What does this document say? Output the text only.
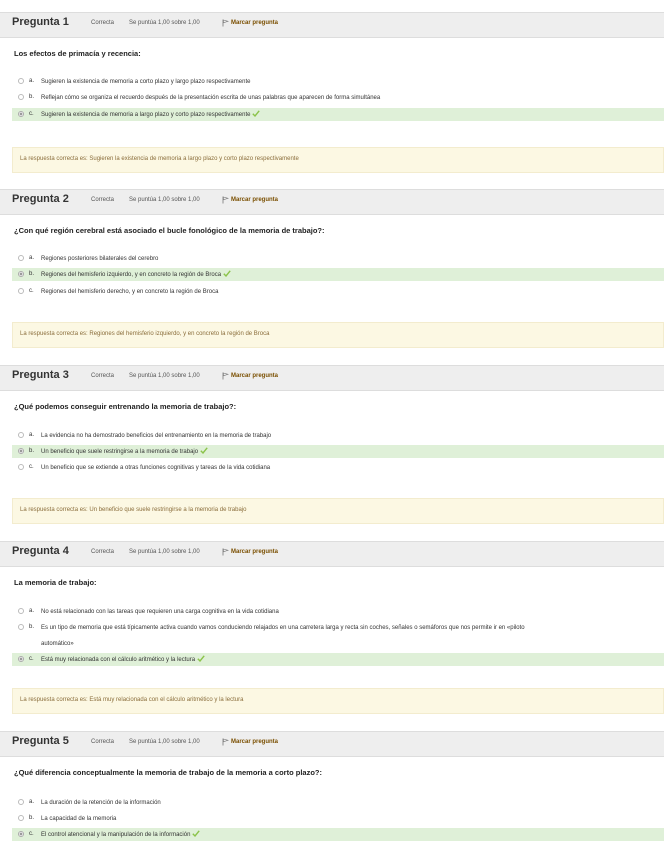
Pregunta 1	Correcta Se puntúa 1,00 sobre 1,00	Marcar pregunta
Los efectos de primacía y recencia:
a.	Sugieren la existencia de memoria a corto plazo y largo plazo respectivamente
b.	Reflejan cómo se organiza el recuerdo después de la presentación escrita de unas palabras que aparecen de forma simultánea
c.	Sugieren la existencia de memoria a largo plazo y corto plazo respectivamente
La respuesta correcta es: Sugieren la existencia de memoria a largo plazo y corto plazo respectivamente
Pregunta 2	Correcta Se puntúa 1,00 sobre 1,00	Marcar pregunta
¿Con qué región cerebral está asociado el bucle fonológico de la memoria de trabajo?:
a.	Regiones posteriores bilaterales del cerebro
b.	Regiones del hemisferio izquierdo, y en concreto la región de Broca
c.	Regiones del hemisferio derecho, y en concreto la región de Broca
La respuesta correcta es: Regiones del hemisferio izquierdo, y en concreto la región de Broca
Pregunta 3	Correcta Se puntúa 1,00 sobre 1,00	Marcar pregunta
¿Qué podemos conseguir entrenando la memoria de trabajo?:
a.	La evidencia no ha demostrado beneficios del entrenamiento en la memoria de trabajo
b.	Un beneficio que suele restringirse a la memoria de trabajo
c.	Un beneficio que se extiende a otras funciones cognitivas y tareas de la vida cotidiana
La respuesta correcta es: Un beneficio que suele restringirse a la memoria de trabajo
Pregunta 4	Correcta Se puntúa 1,00 sobre 1,00	Marcar pregunta
La memoria de trabajo:
a.	No está relacionado con las tareas que requieren una carga cognitiva en la vida cotidiana
b.	Es un tipo de memoria que está típicamente activa cuando vamos conduciendo relajados en una carretera larga y recta sin coches, señales o semáforos que nos permite ir en «piloto
automático»
c.	Está muy relacionada con el cálculo aritmético y la lectura
La respuesta correcta es: Está muy relacionada con el cálculo aritmético y la lectura
Pregunta 5	Correcta Se puntúa 1,00 sobre 1,00	Marcar pregunta
¿Qué diferencia conceptualmente la memoria de trabajo de la memoria a corto plazo?:
a.	La duración de la retención de la información
b.	La capacidad de la memoria
c.	El control atencional y la manipulación de la información
